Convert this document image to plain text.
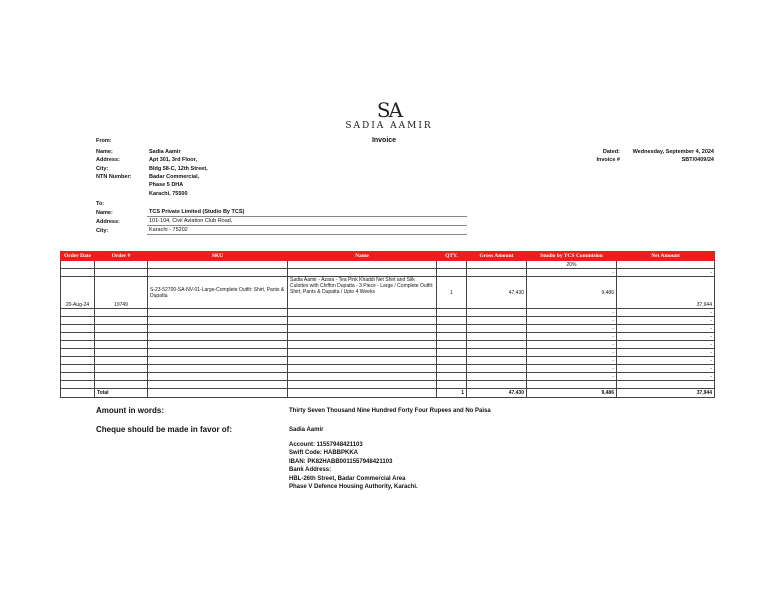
SA
SADIA AAMIR
Invoice
From:
Name:	Sadia Aamir
Address:	Apt 301, 3rd Floor,
City:	Bldg 58-C, 12th Street,
NTN Number:	Badar Commercial,
Phase 5 DHA
Karachi, 75500
Dated:	Wednesday, September 4, 2024
Invoice #	SBT/0409/24
To:
Name:	TCS Private Limited (Studio By TCS)
Address:	101-104, Civil Aviation Club Road,
City:	Karachi - 75202
Order Date	Order #	SKU	Name	QTY.	Gross Amount	Studio by TCS Commision	Net Amount
						20%	
						-	-
20-Aug-24	19749	S-23-52700-SA-NV-01-Large-Complete Outfit: Shirt, Pants & Dupatta	Sadia Aamir - Azara - Tea Pink Khaddi Net Shirt and Silk Culottes with Chiffon Dupatta - 3 Piece - Large / Complete Outfit: Shirt, Pants & Dupatta / Upto 4 Weeks	1	47,430	9,486	37,944
						-	-
						-	-
						-	-
						-	-
						-	-
						-	-
						-	-
						-	-
						-	-

	Total			1	47,430	9,486	37,944
Amount in words:	Thirty Seven Thousand Nine Hundred Forty Four Rupees and No Paisa
Cheque should be made in favor of:	Sadia Aamir
Account: 11557948421103
Swift Code: HABBPKKA
IBAN: PK82HABB0011557948421103
Bank Address:
HBL-26th Street, Badar Commercial Area
Phase V Defence Housing Authority, Karachi.
